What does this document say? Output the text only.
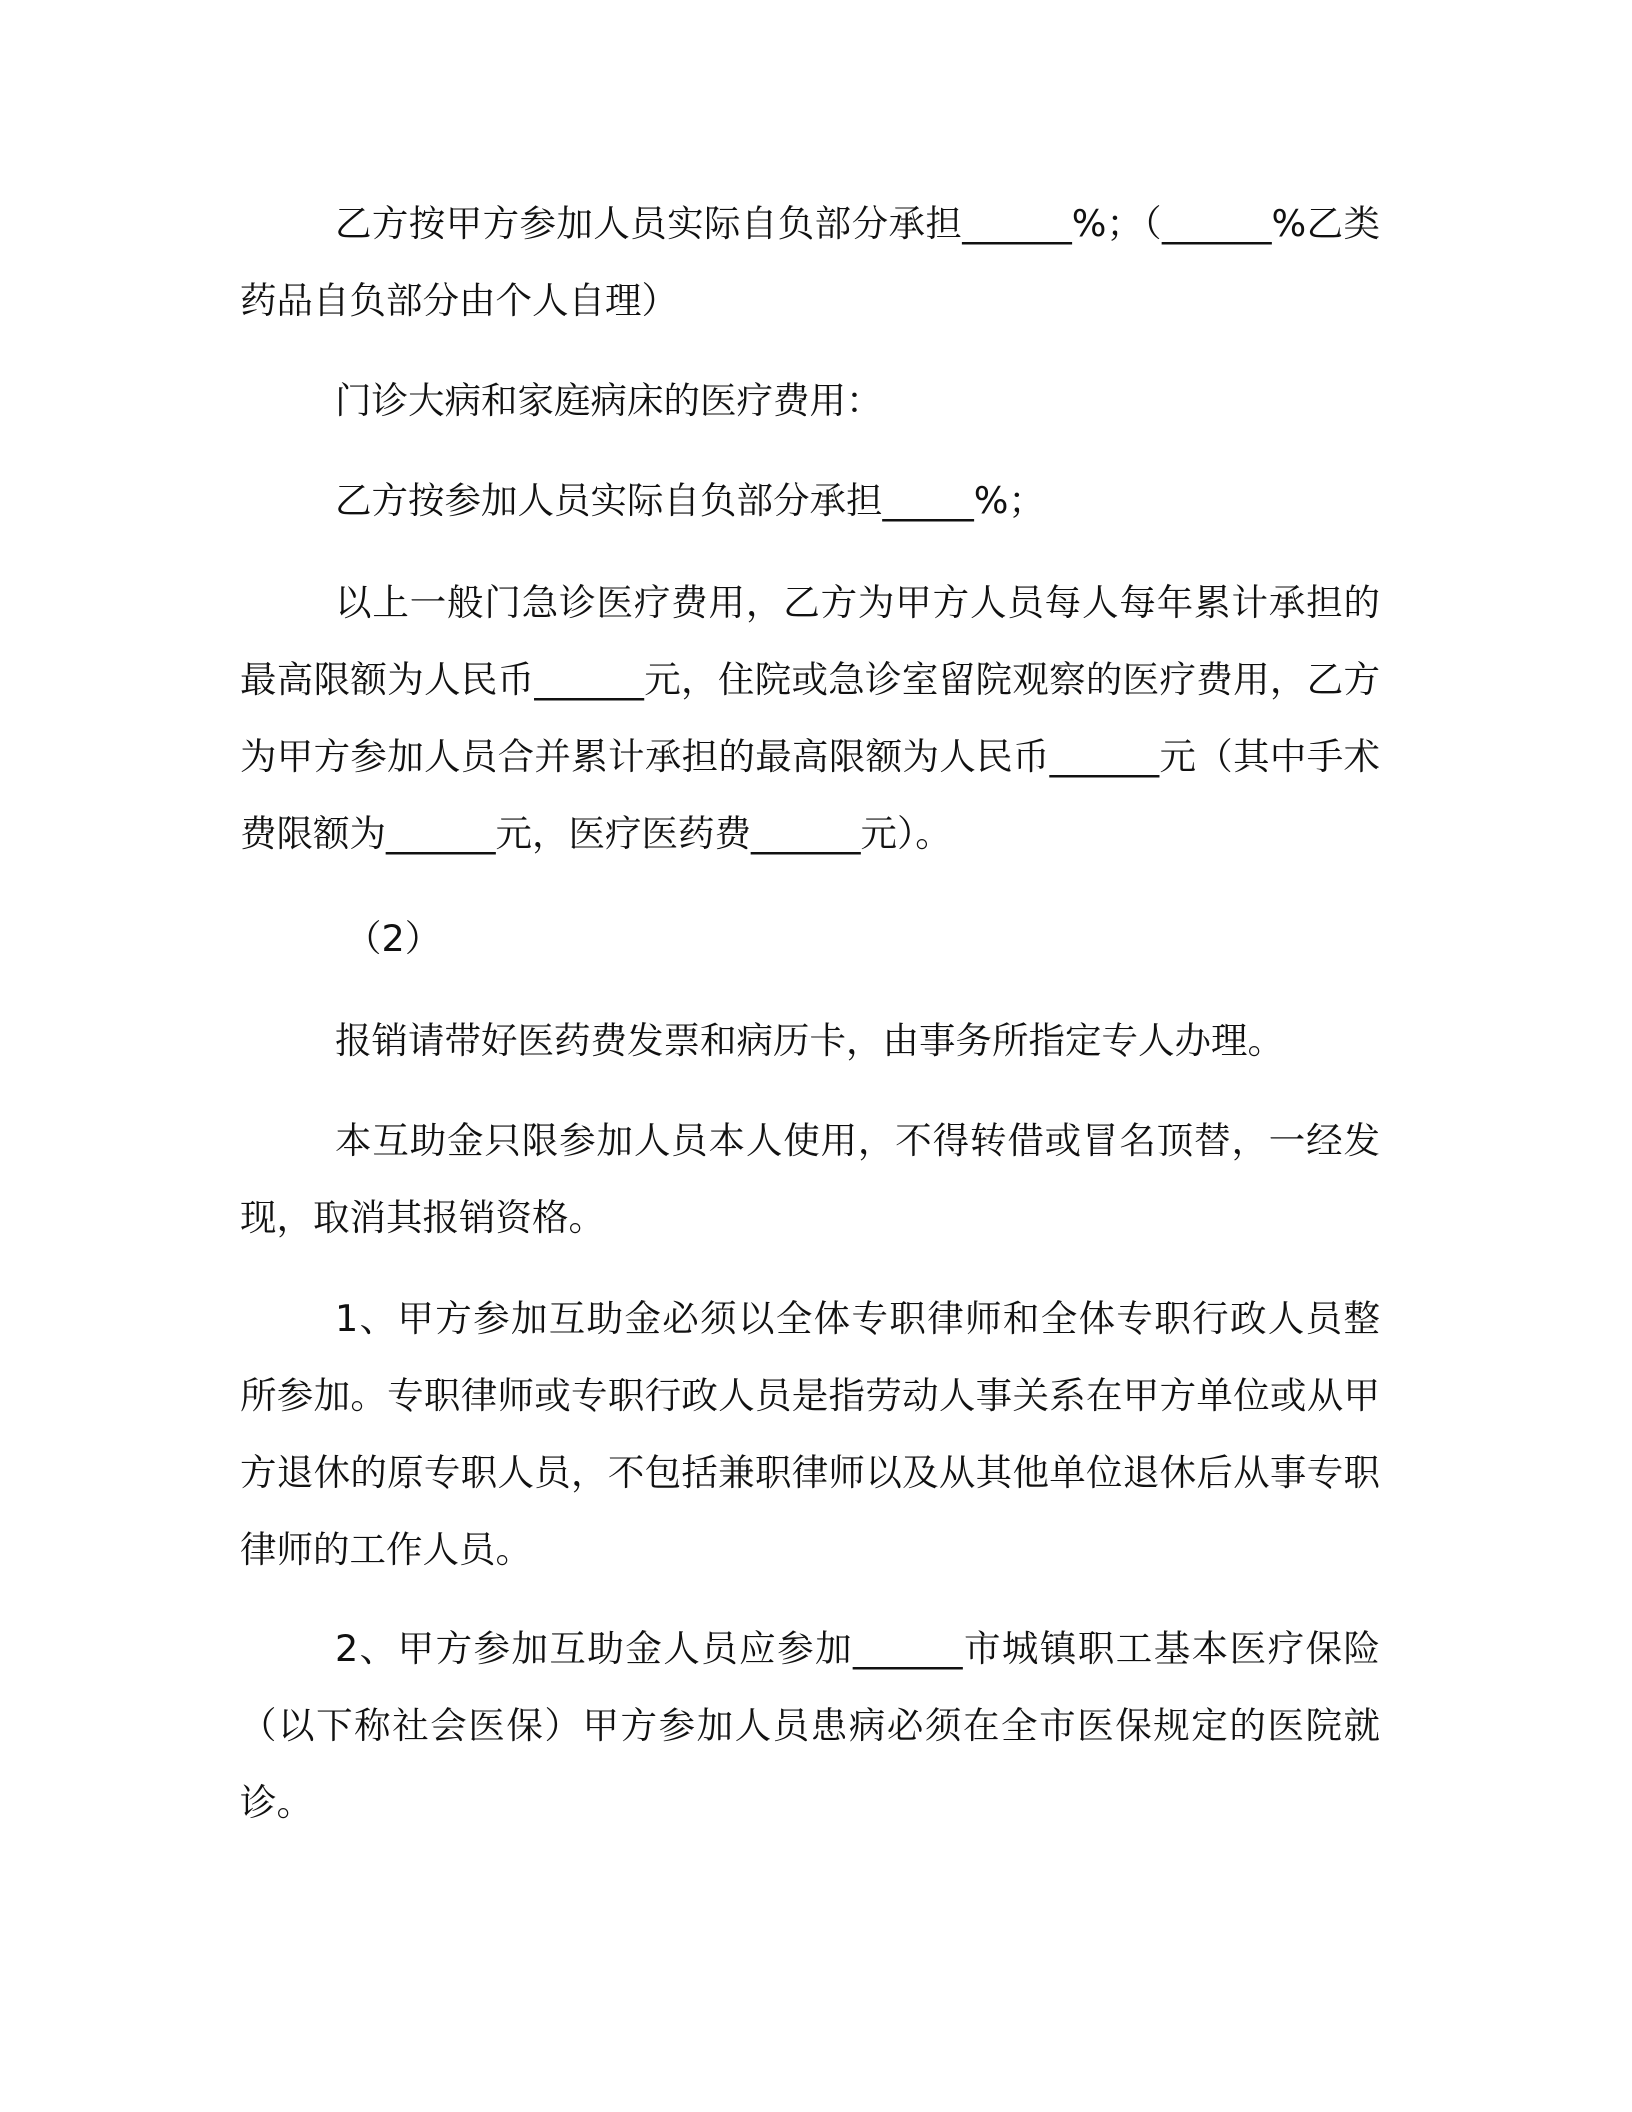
乙方按甲方参加人员实际自负部分承担______%；（______%乙类药品自负部分由个人自理）

门诊大病和家庭病床的医疗费用：

乙方按参加人员实际自负部分承担_____%；

以上一般门急诊医疗费用，乙方为甲方人员每人每年累计承担的最高限额为人民币______元，住院或急诊室留院观察的医疗费用，乙方为甲方参加人员合并累计承担的最高限额为人民币______元（其中手术费限额为______元，医疗医药费______元）。

（2）

报销请带好医药费发票和病历卡，由事务所指定专人办理。

本互助金只限参加人员本人使用，不得转借或冒名顶替，一经发现，取消其报销资格。

1、甲方参加互助金必须以全体专职律师和全体专职行政人员整所参加。专职律师或专职行政人员是指劳动人事关系在甲方单位或从甲方退休的原专职人员，不包括兼职律师以及从其他单位退休后从事专职律师的工作人员。

2、甲方参加互助金人员应参加______市城镇职工基本医疗保险（以下称社会医保）甲方参加人员患病必须在全市医保规定的医院就诊。
